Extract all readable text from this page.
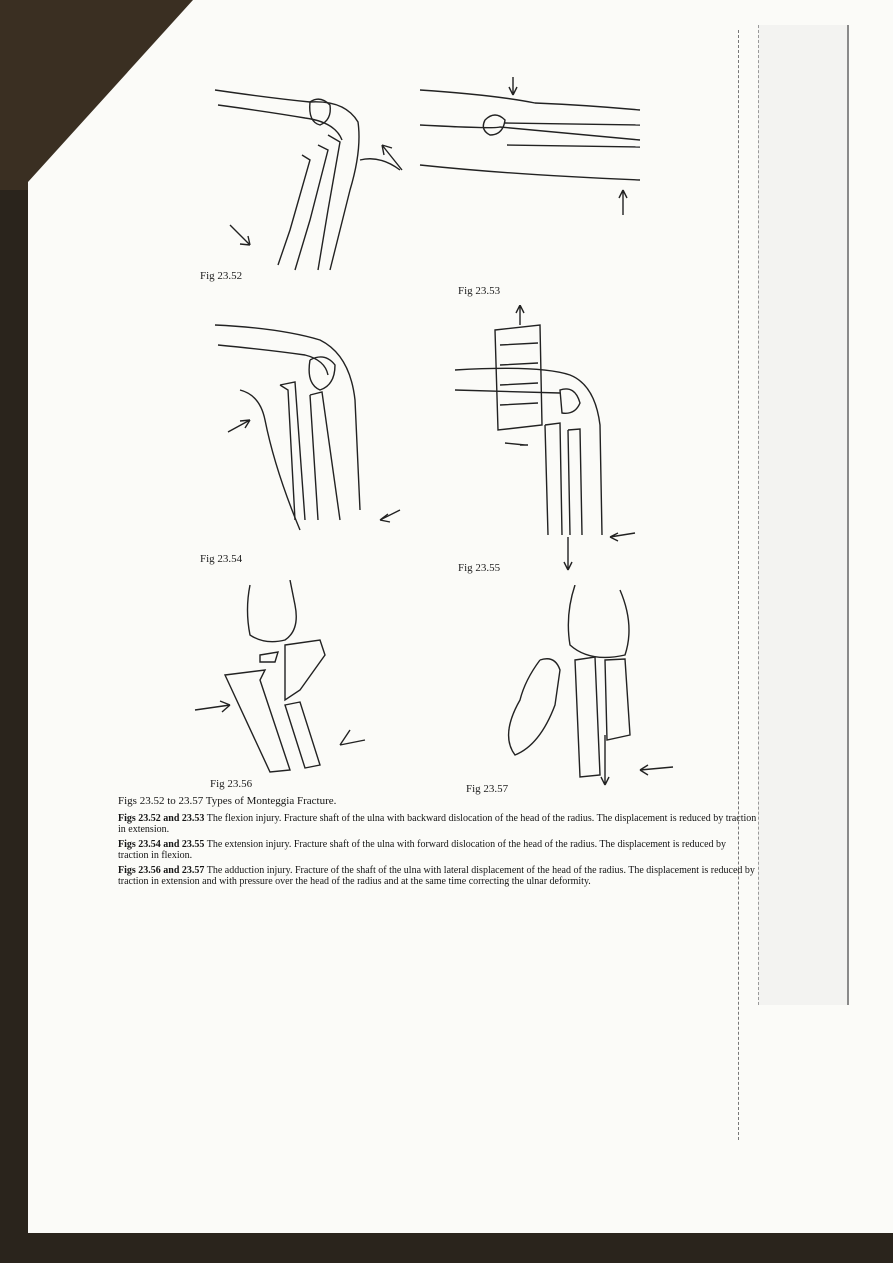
Fig 23.52
Fig 23.53
Fig 23.54
Fig 23.55
Fig 23.56	Fig 23.57

Figs 23.52 to 23.57 Types of Monteggia Fracture.

Figs 23.52 and 23.53 The flexion injury. Fracture shaft of the ulna with backward dislocation of the head of the radius. The displacement is reduced by traction in extension.

Figs 23.54 and 23.55 The extension injury. Fracture shaft of the ulna with forward dislocation of the head of the radius. The displacement is reduced by traction in flexion.

Figs 23.56 and 23.57 The adduction injury. Fracture of the shaft of the ulna with lateral displacement of the head of the radius. The displacement is reduced by traction in extension and with pressure over the head of the radius and at the same time correcting the ulnar deformity.
